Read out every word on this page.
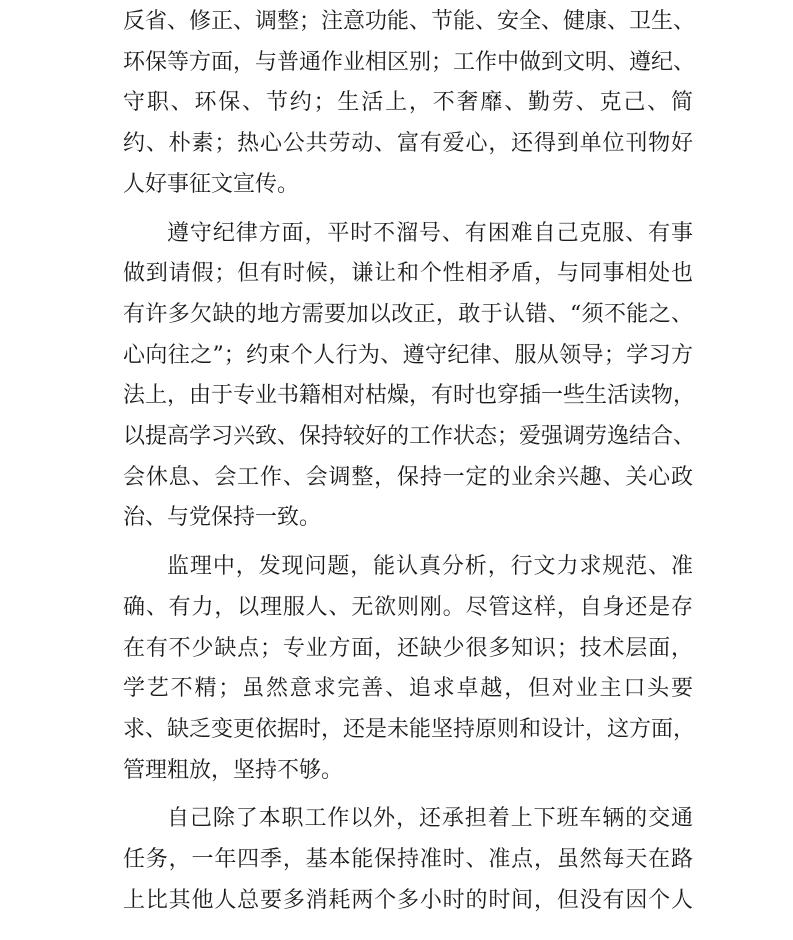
反省、修正、调整；注意功能、节能、安全、健康、卫生、
环保等方面，与普通作业相区别；工作中做到文明、遵纪、
守职、环保、节约；生活上，不奢靡、勤劳、克己、简
约、朴素；热心公共劳动、富有爱心，还得到单位刊物好
人好事征文宣传。
遵守纪律方面，平时不溜号、有困难自己克服、有事
做到请假；但有时候，谦让和个性相矛盾，与同事相处也
有许多欠缺的地方需要加以改正，敢于认错、“须不能之、
心向往之”；约束个人行为、遵守纪律、服从领导；学习方
法上，由于专业书籍相对枯燥，有时也穿插一些生活读物，
以提高学习兴致、保持较好的工作状态；爱强调劳逸结合、
会休息、会工作、会调整，保持一定的业余兴趣、关心政
治、与党保持一致。
监理中，发现问题，能认真分析，行文力求规范、准
确、有力，以理服人、无欲则刚。尽管这样，自身还是存
在有不少缺点；专业方面，还缺少很多知识；技术层面，
学艺不精；虽然意求完善、追求卓越，但对业主口头要
求、缺乏变更依据时，还是未能坚持原则和设计，这方面，
管理粗放，坚持不够。
自己除了本职工作以外，还承担着上下班车辆的交通
任务，一年四季，基本能保持准时、准点，虽然每天在路
上比其他人总要多消耗两个多小时的时间，但没有因个人
